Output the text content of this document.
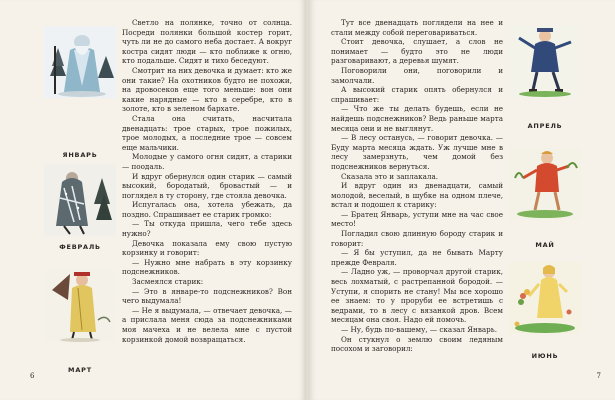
ЯНВАРЬ
ФЕВРАЛЬ
МАРТ

Светло на полянке, точно от солнца. Посреди полянки большой костер горит, чуть ли не до самого неба достает. А вокруг костра сидят люди — кто поближе к огню, кто подальше. Сидят и тихо беседуют.

Смотрит на них девочка и думает: кто же они такие? На охотников будто не похожи, на дровосеков еще того меньше: вон они какие нарядные — кто в серебре, кто в золоте, кто в зеленом бархате.

Стала она считать, насчитала двенадцать: трое старых, трое пожилых, трое молодых, а последние трое — совсем еще мальчики.

Молодые у самого огня сидят, а старики — поодаль.

И вдруг обернулся один старик — самый высокий, бородатый, бровастый — и поглядел в ту сторону, где стояла девочка.

Испугалась она, хотела убежать, да поздно. Спрашивает ее старик громко:

— Ты откуда пришла, чего тебе здесь нужно?

Девочка показала ему свою пустую корзинку и говорит:

— Нужно мне набрать в эту корзинку подснежников.

Засмеялся старик:

— Это в январе-то подснежников? Вон чего выдумала!

— Не я выдумала, — отвечает девочка, — а прислала меня сюда за подснежниками моя мачеха и не велела мне с пустой корзинкой домой возвращаться.

6

Тут все двенадцать поглядели на нее и стали между собой переговариваться.

Стоит девочка, слушает, а слов не понимает — будто это не люди разговаривают, а деревья шумят.

Поговорили они, поговорили и замолчали.

А высокий старик опять обернулся и спрашивает:

— Что же ты делать будешь, если не найдешь подснежников? Ведь раньше марта месяца они и не выглянут.

— В лесу останусь, — говорит девочка. — Буду марта месяца ждать. Уж лучше мне в лесу замерзнуть, чем домой без подснежников вернуться.

Сказала это и заплакала.

И вдруг один из двенадцати, самый молодой, веселый, в шубке на одном плече, встал и подошел к старику:

— Братец Январь, уступи мне на час свое место!

Погладил свою длинную бороду старик и говорит:

— Я бы уступил, да не бывать Марту прежде Февраля.

— Ладно уж, — проворчал другой старик, весь лохматый, с растрепанной бородой. — Уступи, я спорить не стану! Мы все хорошо ее знаем: то у проруби ее встретишь с ведрами, то в лесу с вязанкой дров. Всем месяцам она своя. Надо ей помочь.

— Ну, будь по-вашему, — сказал Январь.

Он стукнул о землю своим ледяным посохом и заговорил:

АПРЕЛЬ
МАЙ
ИЮНЬ
7
